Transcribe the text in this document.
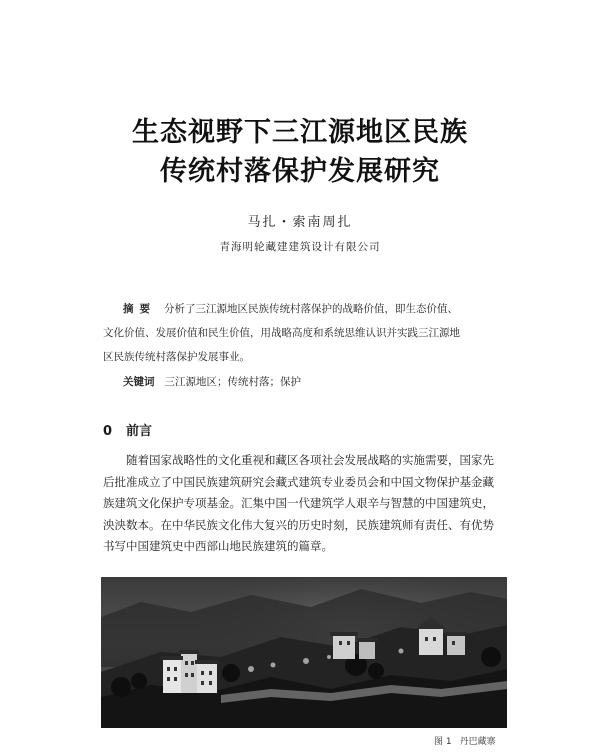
生态视野下三江源地区民族
传统村落保护发展研究
马扎・索南周扎
青海明轮藏建建筑设计有限公司
摘要 分析了三江源地区民族传统村落保护的战略价值，即生态价值、
文化价值、发展价值和民生价值，用战略高度和系统思维认识并实践三江源地
区民族传统村落保护发展事业。
关键词 三江源地区；传统村落；保护
0 前言
随着国家战略性的文化重视和藏区各项社会发展战略的实施需要，国家先
后批准成立了中国民族建筑研究会藏式建筑专业委员会和中国文物保护基金藏
族建筑文化保护专项基金。汇集中国一代建筑学人艰辛与智慧的中国建筑史，
泱泱数本。在中华民族文化伟大复兴的历史时刻，民族建筑师有责任、有优势
书写中国建筑史中西部山地民族建筑的篇章。
图 1 丹巴藏寨
